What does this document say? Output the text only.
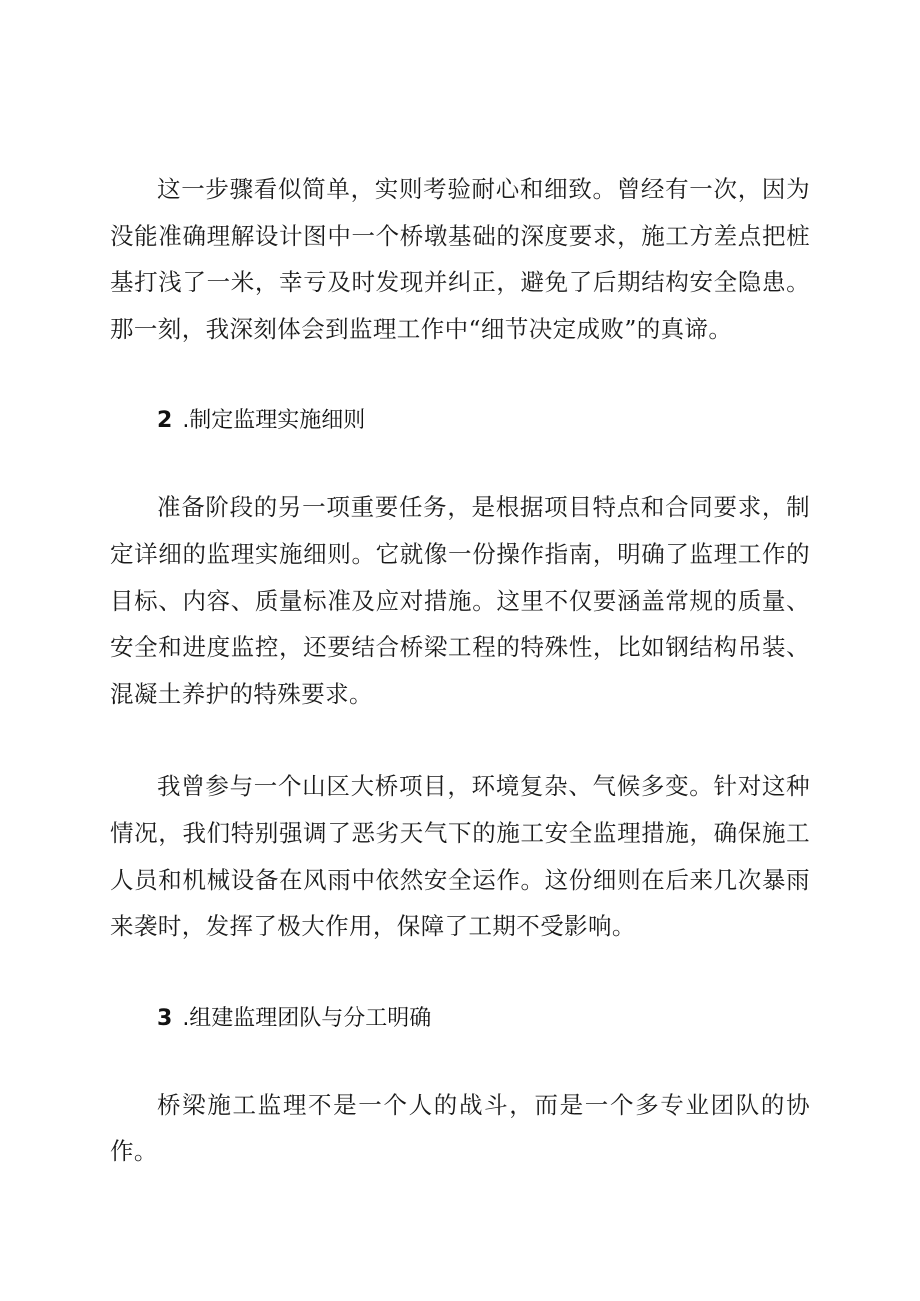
这一步骤看似简单，实则考验耐心和细致。曾经有一次，因为没能准确理解设计图中一个桥墩基础的深度要求，施工方差点把桩基打浅了一米，幸亏及时发现并纠正，避免了后期结构安全隐患。那一刻，我深刻体会到监理工作中“细节决定成败”的真谛。

2 .制定监理实施细则

准备阶段的另一项重要任务，是根据项目特点和合同要求，制定详细的监理实施细则。它就像一份操作指南，明确了监理工作的目标、内容、质量标准及应对措施。这里不仅要涵盖常规的质量、安全和进度监控，还要结合桥梁工程的特殊性，比如钢结构吊装、混凝土养护的特殊要求。

我曾参与一个山区大桥项目，环境复杂、气候多变。针对这种情况，我们特别强调了恶劣天气下的施工安全监理措施，确保施工人员和机械设备在风雨中依然安全运作。这份细则在后来几次暴雨来袭时，发挥了极大作用，保障了工期不受影响。

3 .组建监理团队与分工明确

桥梁施工监理不是一个人的战斗，而是一个多专业团队的协作。
